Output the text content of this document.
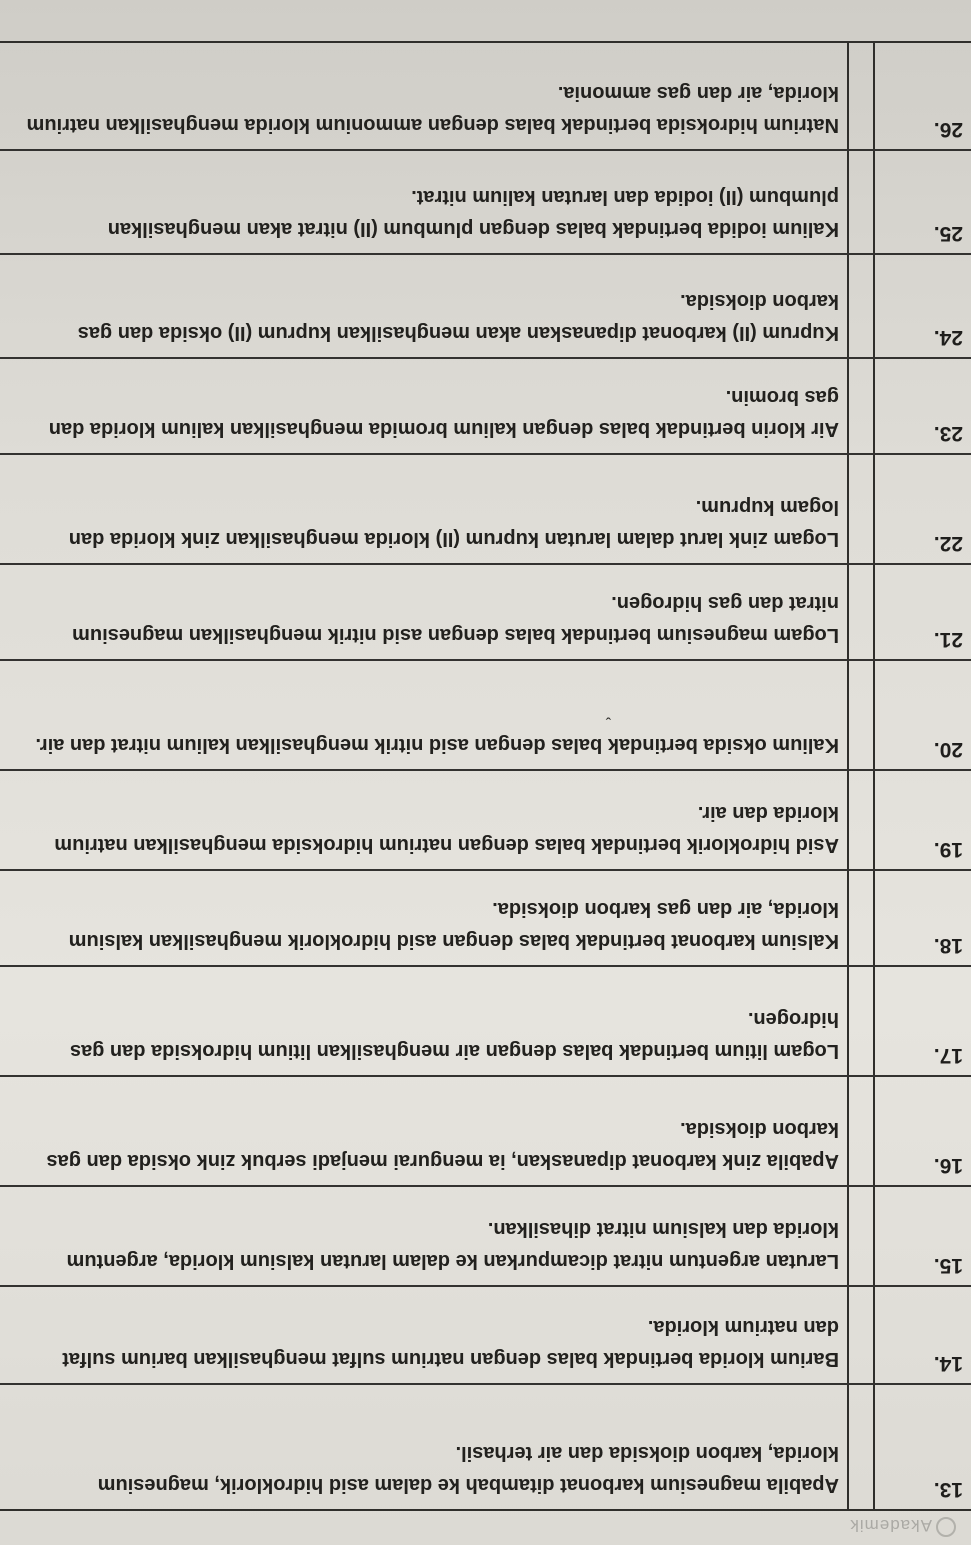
Akademik
13.
Apabila magnesium karbonat ditambah ke dalam asid hidroklorik, magnesium klorida, karbon dioksida dan air terhasil.
14.
Barium klorida bertindak balas dengan natrium sulfat menghasilkan barium sulfat dan natrium klorida.
15.
Larutan argentum nitrat dicampurkan ke dalam larutan kalsium klorida, argentum klorida dan kalsium nitrat dihasilkan.
16.
Apabila zink karbonat dipanaskan, ia mengurai menjadi serbuk zink oksida dan gas karbon dioksida.
17.
Logam litium bertindak balas dengan air menghasilkan litium hidroksida dan gas hidrogen.
18.
Kalsium karbonat bertindak balas dengan asid hidroklorik menghasilkan kalsium klorida, air dan gas karbon dioksida.
19.
Asid hidroklorik bertindak balas dengan natrium hidroksida menghasilkan natrium klorida dan air.
20.
Kalium oksida bertindak balas dengan asid nitrik menghasilkan kalium nitrat dan air.
ˇ
21.
Logam magnesium bertindak balas dengan asid nitrik menghasilkan magnesium nitrat dan gas hidrogen.
22.
Logam zink larut dalam larutan kuprum (II) klorida menghasilkan zink klorida dan logam kuprum.
23.
Air klorin bertindak balas dengan kalium bromida menghasilkan kalium klorida dan gas bromin.
24.
Kuprum (II) karbonat dipanaskan akan menghasilkan kuprum (II) oksida dan gas karbon dioksida.
25.
Kalium iodida bertindak balas dengan plumbum (II) nitrat akan menghasilkan plumbum (II) iodida dan larutan kalium nitrat.
26.
Natrium hidroksida bertindak balas dengan ammonium klorida menghasilkan natrium klorida, air dan gas ammonia.
